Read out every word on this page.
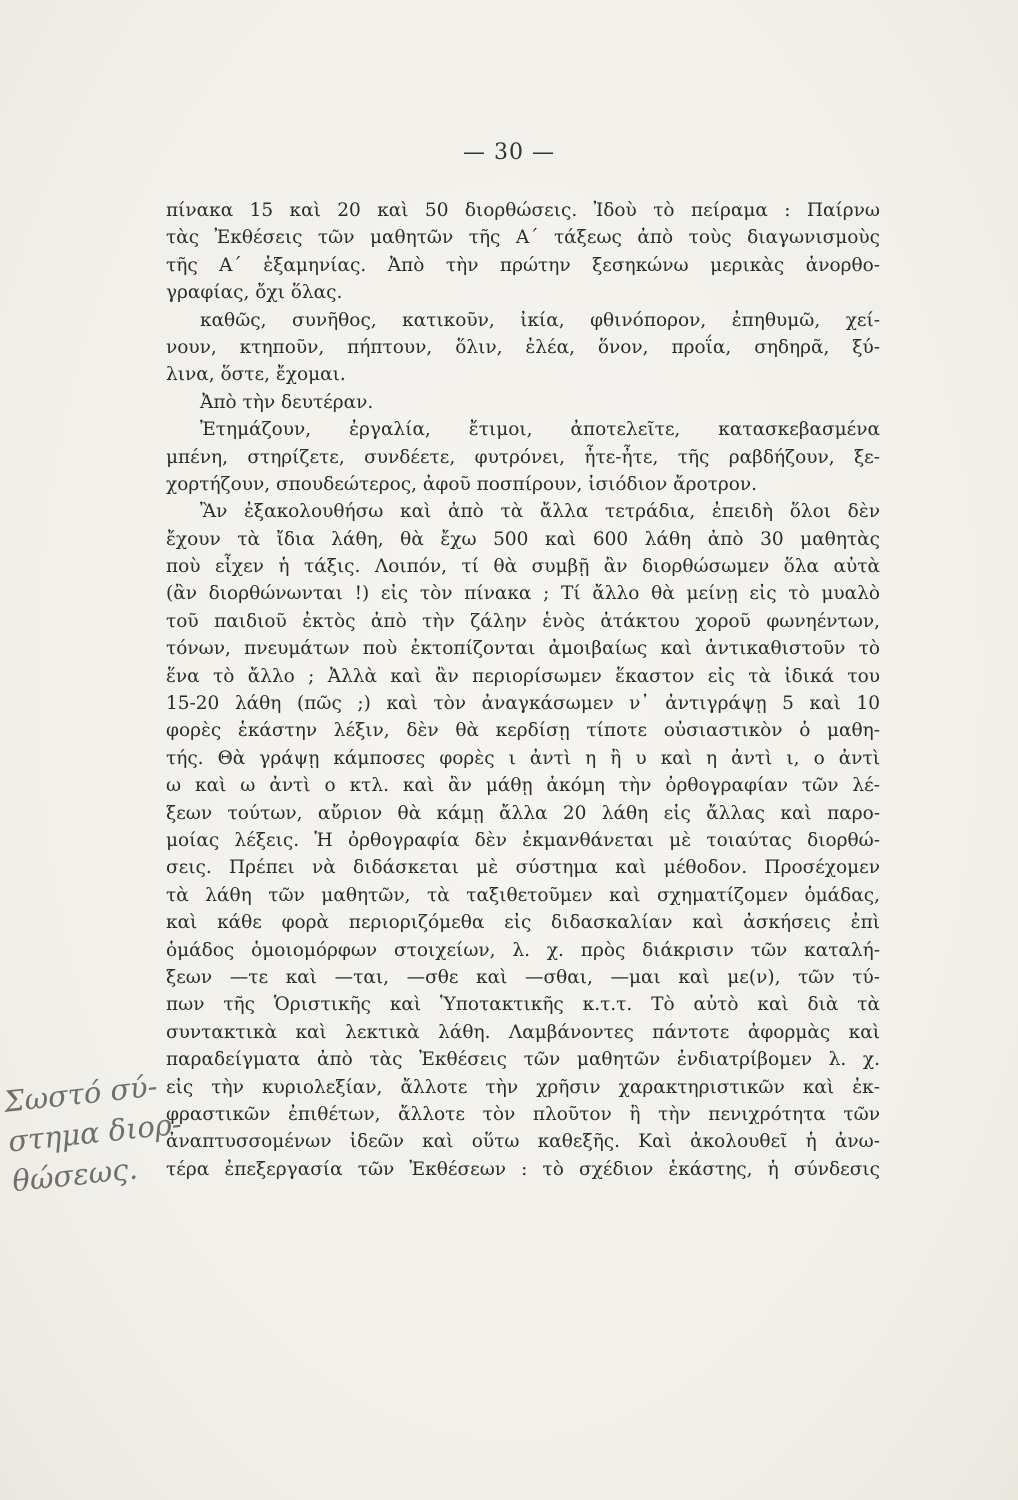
— 30 —
πίνακα 15 καὶ 20 καὶ 50 διορθώσεις. Ἰδοὺ τὸ πείραμα : Παίρνω
τὰς Ἐκθέσεις τῶν μαθητῶν τῆς Α΄ τάξεως ἀπὸ τοὺς διαγωνισμοὺς
τῆς Α΄ ἑξαμηνίας. Ἀπὸ τὴν πρώτην ξεσηκώνω μερικὰς ἀνορθο-
γραφίας, ὄχι ὅλας.
καθῶς, συνῆθος, κατικοῦν, ἰκία, φθινόπορον, ἐπηθυμῶ, χεί-
νουν, κτηποῦν, πήπτουν, ὅλιν, ἐλέα, ὅνον, προΐα, σηδηρᾶ, ξύ-
λινα, ὅστε, ἔχομαι.
Ἀπὸ τὴν δευτέραν.
Ἐτημάζουν, ἐργαλία, ἔτιμοι, ἀποτελεῖτε, κατασκεβασμένα
μπένη, στηρίζετε, συνδέετε, φυτρόνει, ἦτε-ἦτε, τῆς ραβδήζουν, ξε-
χορτήζουν, σπουδεώτερος, ἀφοῦ ποσπίρουν, ἰσιόδιον ἄροτρον.
Ἂν ἐξακολουθήσω καὶ ἀπὸ τὰ ἄλλα τετράδια, ἐπειδὴ ὅλοι δὲν
ἔχουν τὰ ἴδια λάθη, θὰ ἔχω 500 καὶ 600 λάθη ἀπὸ 30 μαθητὰς
ποὺ εἶχεν ἡ τάξις. Λοιπόν, τί θὰ συμβῇ ἂν διορθώσωμεν ὅλα αὐτὰ
(ἂν διορθώνωνται !) εἰς τὸν πίνακα ; Τί ἄλλο θὰ μείνῃ εἰς τὸ μυαλὸ
τοῦ παιδιοῦ ἐκτὸς ἀπὸ τὴν ζάλην ἑνὸς ἀτάκτου χοροῦ φωνηέντων,
τόνων, πνευμάτων ποὺ ἐκτοπίζονται ἀμοιβαίως καὶ ἀντικαθιστοῦν τὸ
ἕνα τὸ ἄλλο ; Ἀλλὰ καὶ ἂν περιορίσωμεν ἕκαστον εἰς τὰ ἰδικά του
15-20 λάθη (πῶς ;) καὶ τὸν ἀναγκάσωμεν ν᾽ ἀντιγράψῃ 5 καὶ 10
φορὲς ἑκάστην λέξιν, δὲν θὰ κερδίσῃ τίποτε οὐσιαστικὸν ὁ μαθη-
τής. Θὰ γράψῃ κάμποσες φορὲς ι ἀντὶ η ἢ υ καὶ η ἀντὶ ι, ο ἀντὶ
ω καὶ ω ἀντὶ ο κτλ. καὶ ἂν μάθῃ ἀκόμη τὴν ὀρθογραφίαν τῶν λέ-
ξεων τούτων, αὔριον θὰ κάμῃ ἄλλα 20 λάθη εἰς ἄλλας καὶ παρο-
μοίας λέξεις. Ἡ ὀρθογραφία δὲν ἐκμανθάνεται μὲ τοιαύτας διορθώ-
σεις. Πρέπει νὰ διδάσκεται μὲ σύστημα καὶ μέθοδον. Προσέχομεν
τὰ λάθη τῶν μαθητῶν, τὰ ταξιθετοῦμεν καὶ σχηματίζομεν ὁμάδας,
καὶ κάθε φορὰ περιοριζόμεθα εἰς διδασκαλίαν καὶ ἀσκήσεις ἐπὶ
ὁμάδος ὁμοιομόρφων στοιχείων, λ. χ. πρὸς διάκρισιν τῶν καταλή-
ξεων —τε καὶ —ται, —σθε καὶ —σθαι, —μαι καὶ με(ν), τῶν τύ-
πων τῆς Ὁριστικῆς καὶ Ὑποτακτικῆς κ.τ.τ. Τὸ αὐτὸ καὶ διὰ τὰ
συντακτικὰ καὶ λεκτικὰ λάθη. Λαμβάνοντες πάντοτε ἀφορμὰς καὶ
παραδείγματα ἀπὸ τὰς Ἐκθέσεις τῶν μαθητῶν ἐνδιατρίβομεν λ. χ.
εἰς τὴν κυριολεξίαν, ἄλλοτε τὴν χρῆσιν χαρακτηριστικῶν καὶ ἐκ-
φραστικῶν ἐπιθέτων, ἄλλοτε τὸν πλοῦτον ἢ τὴν πενιχρότητα τῶν
ἀναπτυσσομένων ἰδεῶν καὶ οὕτω καθεξῆς. Καὶ ἀκολουθεῖ ἡ ἀνω-
τέρα ἐπεξεργασία τῶν Ἐκθέσεων : τὸ σχέδιον ἑκάστης, ἡ σύνδεσις
Σωστό σύ-
στημα διορ-
θώσεως.
